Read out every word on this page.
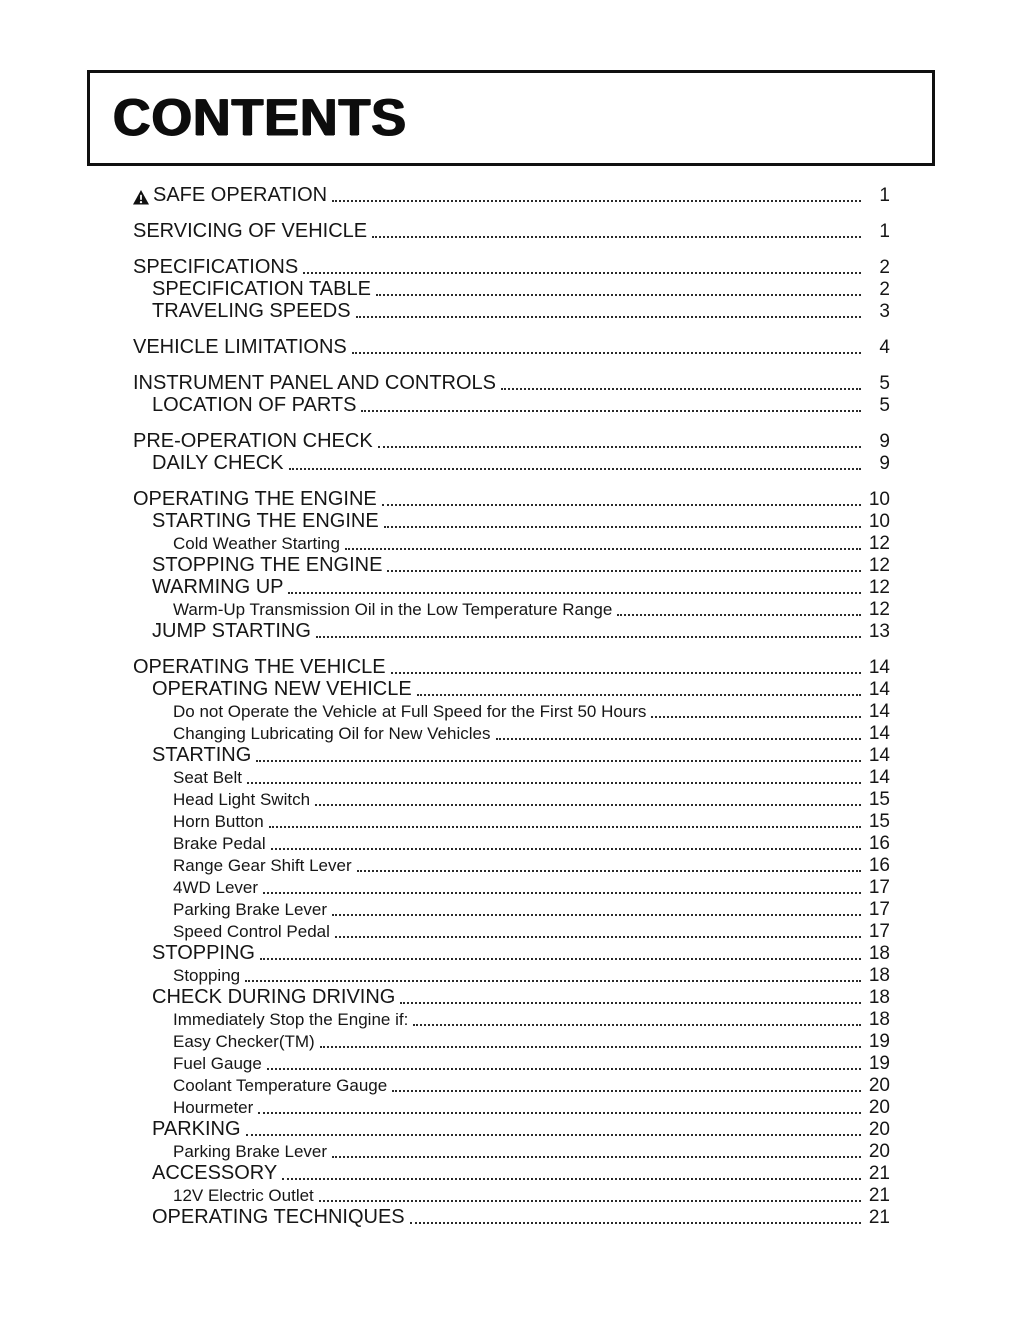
CONTENTS
SAFE OPERATION	1
SERVICING OF VEHICLE	1
SPECIFICATIONS	2
SPECIFICATION TABLE	2
TRAVELING SPEEDS	3
VEHICLE LIMITATIONS	4
INSTRUMENT PANEL AND CONTROLS	5
LOCATION OF PARTS	5
PRE-OPERATION CHECK	9
DAILY CHECK	9
OPERATING THE ENGINE	10
STARTING THE ENGINE	10
Cold Weather Starting	12
STOPPING THE ENGINE	12
WARMING UP	12
Warm-Up Transmission Oil in the Low Temperature Range	12
JUMP STARTING	13
OPERATING THE VEHICLE	14
OPERATING NEW VEHICLE	14
Do not Operate the Vehicle at Full Speed for the First 50 Hours	14
Changing Lubricating Oil for New Vehicles	14
STARTING	14
Seat Belt	14
Head Light Switch	15
Horn Button	15
Brake Pedal	16
Range Gear Shift Lever	16
4WD Lever	17
Parking Brake Lever	17
Speed Control Pedal	17
STOPPING	18
Stopping	18
CHECK DURING DRIVING	18
Immediately Stop the Engine if:	18
Easy Checker(TM)	19
Fuel Gauge	19
Coolant Temperature Gauge	20
Hourmeter	20
PARKING	20
Parking Brake Lever	20
ACCESSORY	21
12V Electric Outlet	21
OPERATING TECHNIQUES	21
